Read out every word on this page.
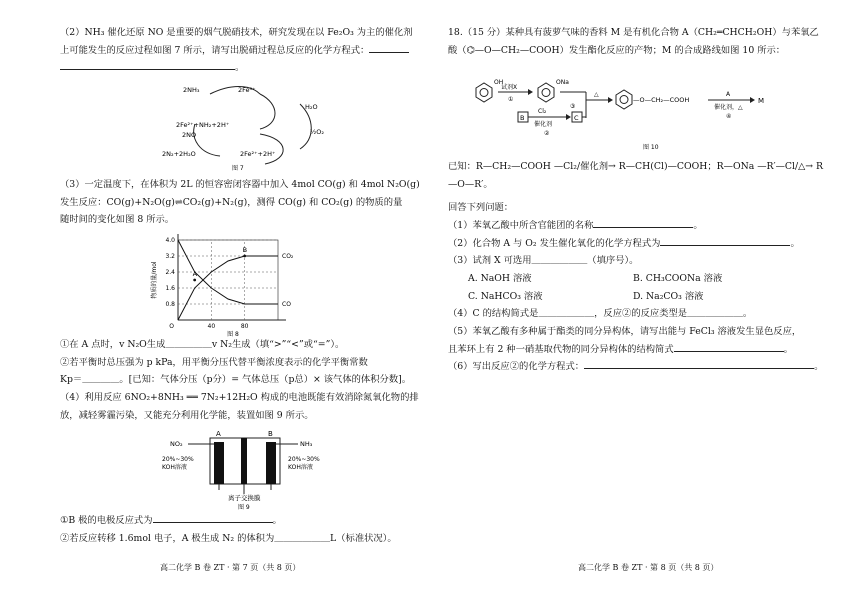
（2）NH₃ 催化还原 NO 是重要的烟气脱硝技术，研究发现在以 Fe₂O₃ 为主的催化剂

上可能发生的反应过程如图 7 所示，请写出脱硝过程总反应的化学方程式：

。

2NH₃	2Fe³⁺
2Fe²⁺+NH₂+2H⁺
2NO
H₂O
½O₂
2N₂+2H₂O	2Fe²⁺+2H⁺
图 7

（3）一定温度下，在体积为 2L 的恒容密闭容器中加入 4mol CO(g) 和 4mol N₂O(g)

发生反应：CO(g)+N₂O(g)⇌CO₂(g)+N₂(g)，测得 CO(g) 和 CO₂(g) 的物质的量

随时间的变化如图 8 所示。

0.8
1.6
2.4
3.2
4.0
40	80
O
物质的量/mol
CO₂
CO
A
B
图 8

①在 A 点时，v N₂O生成＿＿＿＿＿v N₂生成（填“>”“<”或“=”）。

②若平衡时总压强为 p kPa，用平衡分压代替平衡浓度表示的化学平衡常数

Kp＝＿＿＿＿。[已知：气体分压（p分）= 气体总压（p总）× 该气体的体积分数]。

（4）利用反应 6NO₂+8NH₃ ══ 7N₂+12H₂O 构成的电池既能有效消除氮氧化物的排

放，减轻雾霾污染，又能充分利用化学能，装置如图 9 所示。

A	B
NO₂	NH₃
20%~30%
KOH溶液
20%~30%
KOH溶液
离子交换膜
图 9

①B 极的电极反应式为	。

②若反应转移 1.6mol 电子，A 极生成 N₂ 的体积为＿＿＿＿＿＿L（标准状况）。

高二化学 B 卷 ZT · 第 7 页（共 8 页）

18.（15 分）某种具有菠萝气味的香料 M 是有机化合物 A（CH₂═CHCH₂OH）与苯氧乙

酸（⌬—O—CH₂—COOH）发生酯化反应的产物；M 的合成路线如图 10 所示：

OH
试剂X
①
ONa
③
B
Cl₂
催化剂
②
C
△
—O—CH₂—COOH
A
催化剂，△
④
M
图 10

已知：R—CH₂—COOH —Cl₂/催化剂→ R—CH(Cl)—COOH；R—ONa —R′—Cl/△→ R—O—R′。

回答下列问题：

（1）苯氧乙酸中所含官能团的名称	。

（2）化合物 A 与 O₂ 发生催化氧化的化学方程式为	。

（3）试剂 X 可选用＿＿＿＿＿＿（填序号）。

A. NaOH 溶液	B. CH₃COONa 溶液

C. NaHCO₃ 溶液	D. Na₂CO₃ 溶液

（4）C 的结构简式是＿＿＿＿＿＿，反应②的反应类型是＿＿＿＿＿＿。

（5）苯氧乙酸有多种属于酯类的同分异构体，请写出能与 FeCl₃ 溶液发生显色反应，

且苯环上有 2 种一硝基取代物的同分异构体的结构简式	。

（6）写出反应②的化学方程式：	。

高二化学 B 卷 ZT · 第 8 页（共 8 页）
